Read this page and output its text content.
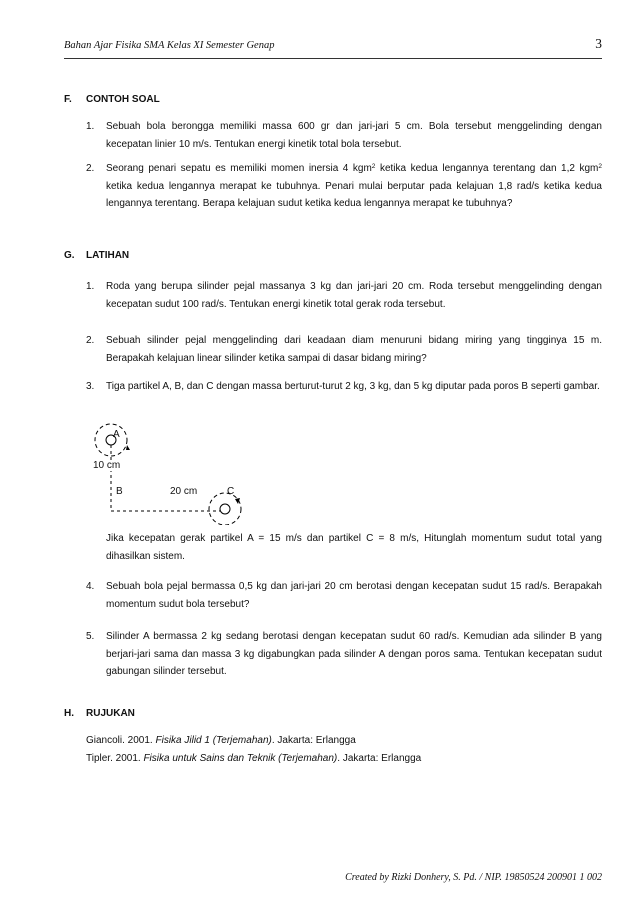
Bahan Ajar Fisika SMA Kelas XI Semester Genap	3
F. CONTOH SOAL
1. Sebuah bola berongga memiliki massa 600 gr dan jari-jari 5 cm. Bola tersebut menggelinding dengan kecepatan linier 10 m/s. Tentukan energi kinetik total bola tersebut.
2. Seorang penari sepatu es memiliki momen inersia 4 kgm$^2$ ketika kedua lengannya terentang dan 1,2 kgm$^2$ ketika kedua lengannya merapat ke tubuhnya. Penari mulai berputar pada kelajuan 1,8 rad/s ketika kedua lengannya terentang. Berapa kelajuan sudut ketika kedua lengannya merapat ke tubuhnya?
G. LATIHAN
1. Roda yang berupa silinder pejal massanya 3 kg dan jari-jari 20 cm. Roda tersebut menggelinding dengan kecepatan sudut 100 rad/s. Tentukan energi kinetik total gerak roda tersebut.
2. Sebuah silinder pejal menggelinding dari keadaan diam menuruni bidang miring yang tingginya 15 m. Berapakah kelajuan linear silinder ketika sampai di dasar bidang miring?
3. Tiga partikel A, B, dan C dengan massa berturut-turut 2 kg, 3 kg, dan 5 kg diputar pada poros B seperti gambar.
A
10 cm
B	20 cm	C
Jika kecepatan gerak partikel A = 15 m/s dan partikel C = 8 m/s, Hitunglah momentum sudut total yang dihasilkan sistem.
4. Sebuah bola pejal bermassa 0,5 kg dan jari-jari 20 cm berotasi dengan kecepatan sudut 15 rad/s. Berapakah momentum sudut bola tersebut?
5. Silinder A bermassa 2 kg sedang berotasi dengan kecepatan sudut 60 rad/s. Kemudian ada silinder B yang berjari-jari sama dan massa 3 kg digabungkan pada silinder A dengan poros sama. Tentukan kecepatan sudut gabungan silinder tersebut.
H. RUJUKAN
Giancoli. 2001. Fisika Jilid 1 (Terjemahan). Jakarta: Erlangga
Tipler. 2001. Fisika untuk Sains dan Teknik (Terjemahan). Jakarta: Erlangga
Created by Rizki Donhery, S. Pd. / NIP. 19850524 200901 1 002
